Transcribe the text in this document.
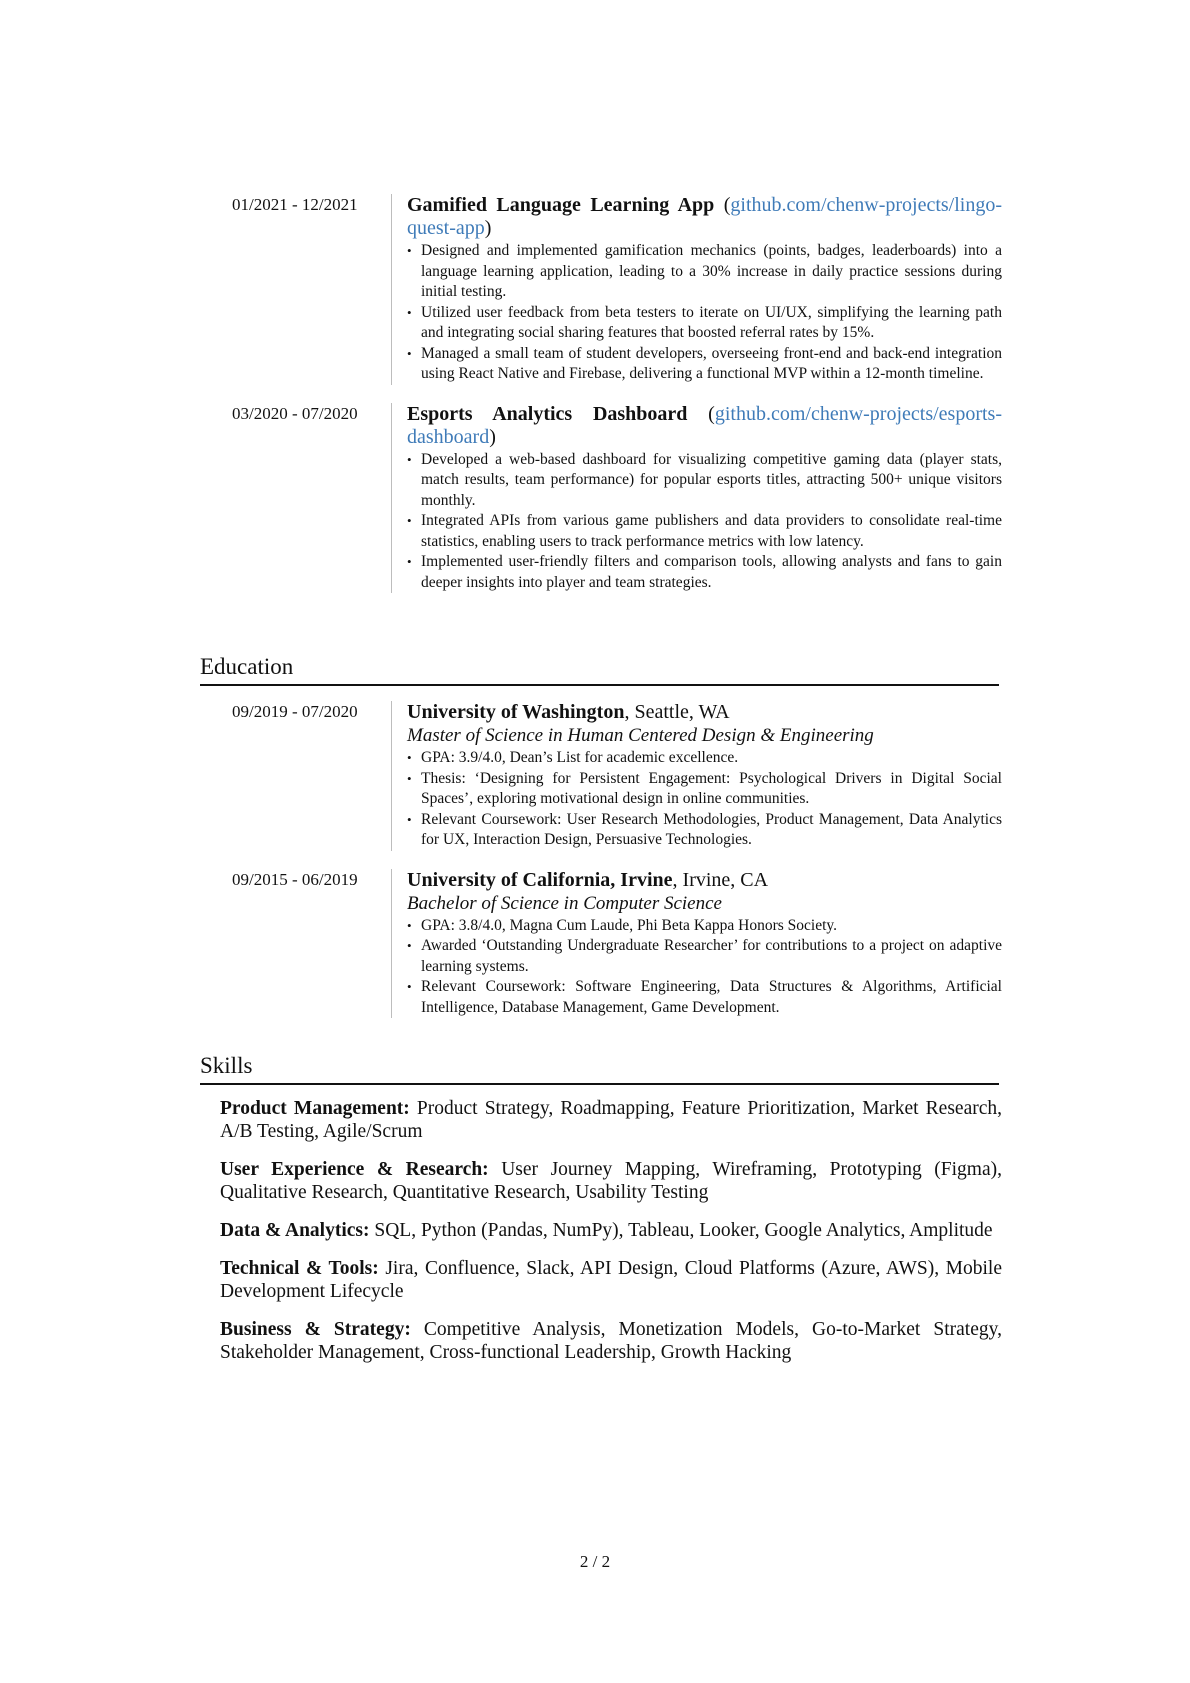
01/2021 - 12/2021	Gamified Language Learning App (github.com/chenw-projects/lingo-quest-app)
• Designed and implemented gamification mechanics (points, badges, leaderboards) into a language learning application, leading to a 30% increase in daily practice sessions during initial testing.
• Utilized user feedback from beta testers to iterate on UI/UX, simplifying the learning path and integrating social sharing features that boosted referral rates by 15%.
• Managed a small team of student developers, overseeing front-end and back-end integration using React Native and Firebase, delivering a functional MVP within a 12-month timeline.
03/2020 - 07/2020	Esports Analytics Dashboard (github.com/chenw-projects/esports-dashboard)
• Developed a web-based dashboard for visualizing competitive gaming data (player stats, match results, team performance) for popular esports titles, attracting 500+ unique visitors monthly.
• Integrated APIs from various game publishers and data providers to consolidate real-time statistics, enabling users to track performance metrics with low latency.
• Implemented user-friendly filters and comparison tools, allowing analysts and fans to gain deeper insights into player and team strategies.
Education
09/2019 - 07/2020	University of Washington, Seattle, WA
Master of Science in Human Centered Design & Engineering
• GPA: 3.9/4.0, Dean’s List for academic excellence.
• Thesis: ‘Designing for Persistent Engagement: Psychological Drivers in Digital Social Spaces’, exploring motivational design in online communities.
• Relevant Coursework: User Research Methodologies, Product Management, Data Analytics for UX, Interaction Design, Persuasive Technologies.
09/2015 - 06/2019	University of California, Irvine, Irvine, CA
Bachelor of Science in Computer Science
• GPA: 3.8/4.0, Magna Cum Laude, Phi Beta Kappa Honors Society.
• Awarded ‘Outstanding Undergraduate Researcher’ for contributions to a project on adaptive learning systems.
• Relevant Coursework: Software Engineering, Data Structures & Algorithms, Artificial Intelligence, Database Management, Game Development.
Skills
Product Management: Product Strategy, Roadmapping, Feature Prioritization, Market Research, A/B Testing, Agile/Scrum
User Experience & Research: User Journey Mapping, Wireframing, Prototyping (Figma), Qualitative Research, Quantitative Research, Usability Testing
Data & Analytics: SQL, Python (Pandas, NumPy), Tableau, Looker, Google Analytics, Amplitude
Technical & Tools: Jira, Confluence, Slack, API Design, Cloud Platforms (Azure, AWS), Mobile Development Lifecycle
Business & Strategy: Competitive Analysis, Monetization Models, Go-to-Market Strategy, Stakeholder Management, Cross-functional Leadership, Growth Hacking
2 / 2
